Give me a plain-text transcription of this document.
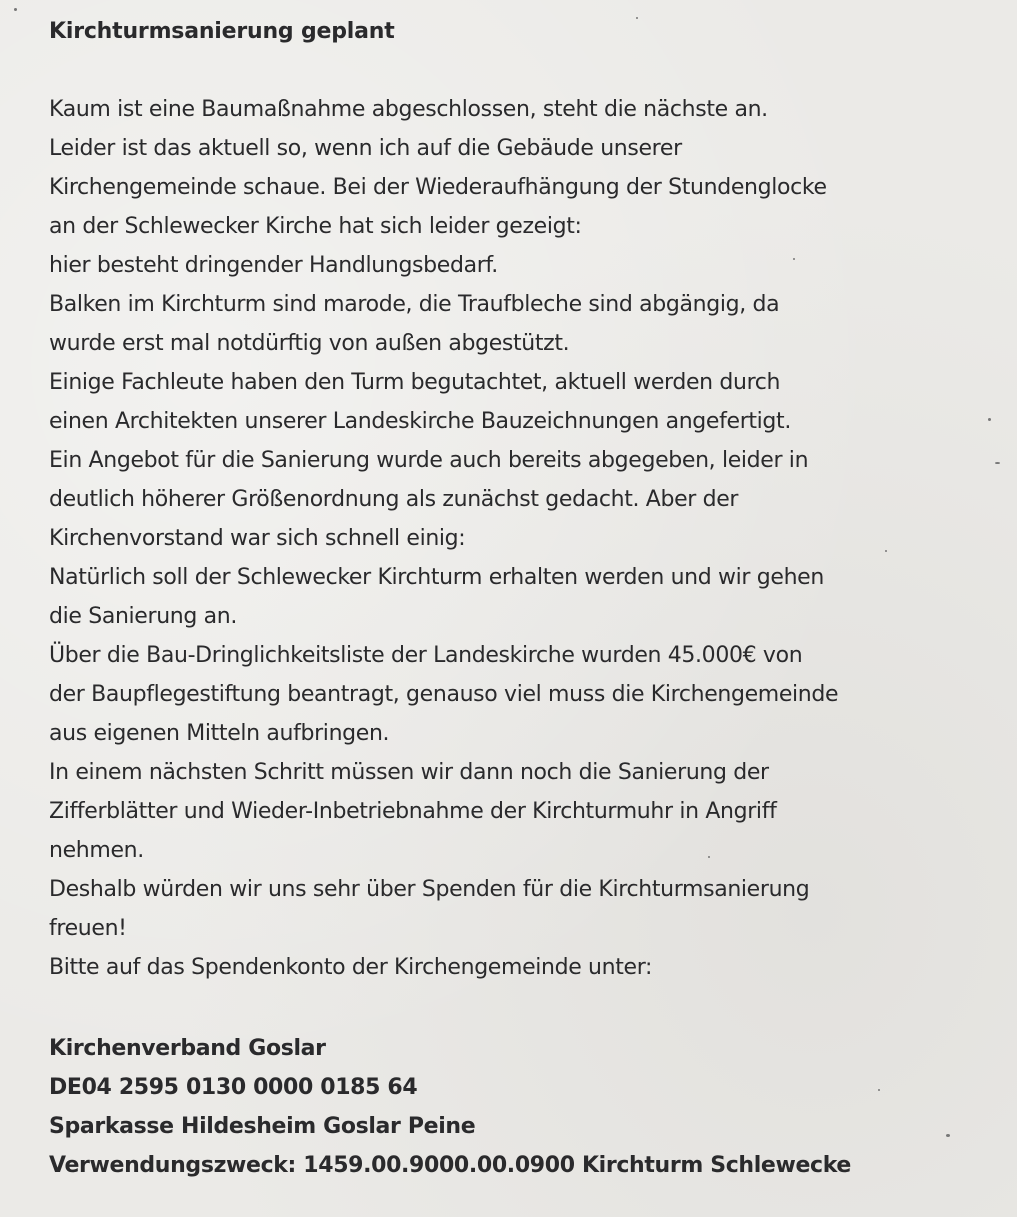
Kirchturmsanierung geplant
Kaum ist eine Baumaßnahme abgeschlossen, steht die nächste an.
Leider ist das aktuell so, wenn ich auf die Gebäude unserer
Kirchengemeinde schaue. Bei der Wiederaufhängung der Stundenglocke
an der Schlewecker Kirche hat sich leider gezeigt:
hier besteht dringender Handlungsbedarf.
Balken im Kirchturm sind marode, die Traufbleche sind abgängig, da
wurde erst mal notdürftig von außen abgestützt.
Einige Fachleute haben den Turm begutachtet, aktuell werden durch
einen Architekten unserer Landeskirche Bauzeichnungen angefertigt.
Ein Angebot für die Sanierung wurde auch bereits abgegeben, leider in
deutlich höherer Größenordnung als zunächst gedacht. Aber der
Kirchenvorstand war sich schnell einig:
Natürlich soll der Schlewecker Kirchturm erhalten werden und wir gehen
die Sanierung an.
Über die Bau-Dringlichkeitsliste der Landeskirche wurden 45.000€ von
der Baupflegestiftung beantragt, genauso viel muss die Kirchengemeinde
aus eigenen Mitteln aufbringen.
In einem nächsten Schritt müssen wir dann noch die Sanierung der
Zifferblätter und Wieder-Inbetriebnahme der Kirchturmuhr in Angriff
nehmen.
Deshalb würden wir uns sehr über Spenden für die Kirchturmsanierung
freuen!
Bitte auf das Spendenkonto der Kirchengemeinde unter:
Kirchenverband Goslar
DE04 2595 0130 0000 0185 64
Sparkasse Hildesheim Goslar Peine
Verwendungszweck: 1459.00.9000.00.0900 Kirchturm Schlewecke
